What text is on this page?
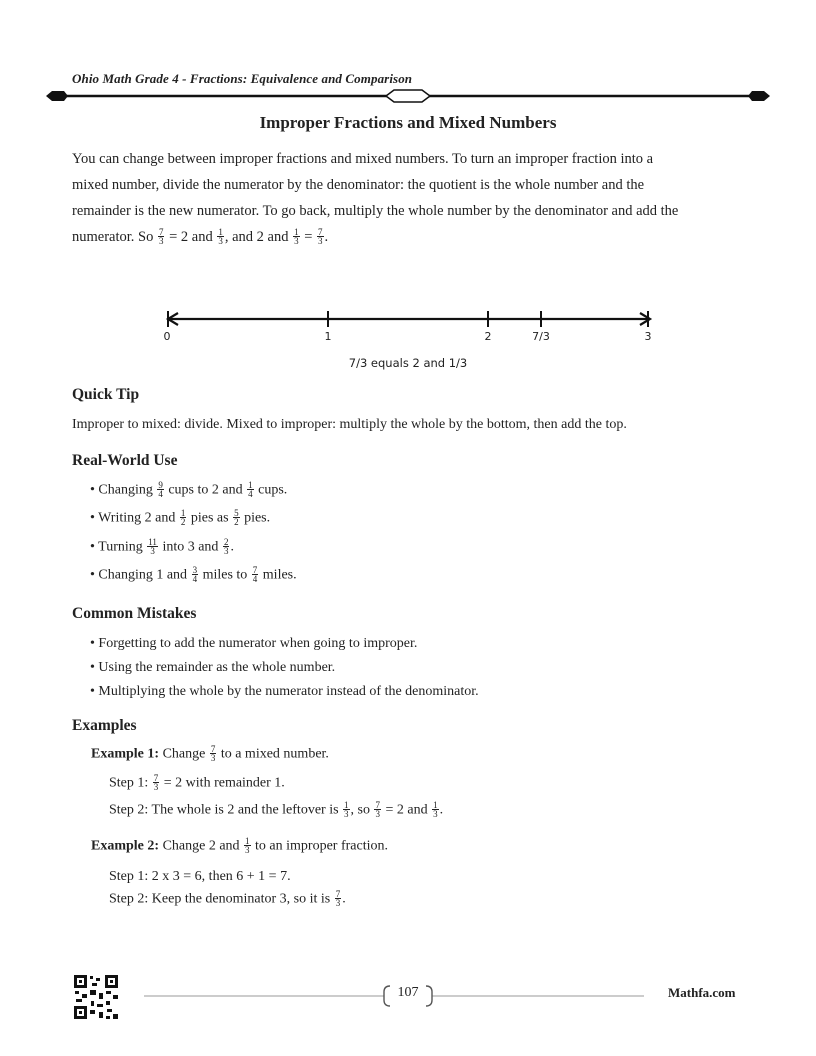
Ohio Math Grade 4 - Fractions: Equivalence and Comparison
Improper Fractions and Mixed Numbers
You can change between improper fractions and mixed numbers. To turn an improper fraction into a
mixed number, divide the numerator by the denominator: the quotient is the whole number and the
remainder is the new numerator. To go back, multiply the whole number by the denominator and add the
numerator. So $\frac{7}{3} = 2$ and $\frac{1}{3}$ , and 2 and $\frac{1}{3} = \frac{7}{3}$ .
0	1	2	7/3	3
7/3 equals 2 and 1/3
Quick Tip
Improper to mixed: divide. Mixed to improper: multiply the whole by the bottom, then add the top.
Real-World Use
• Changing $\frac{9}{4}$ cups to 2 and $\frac{1}{4}$ cups.
• Writing 2 and $\frac{1}{2}$ pies as $\frac{5}{2}$ pies.
• Turning $\frac{11}{3}$ into 3 and $\frac{2}{3}$ .
• Changing 1 and $\frac{3}{4}$ miles to $\frac{7}{4}$ miles.
Common Mistakes
• Forgetting to add the numerator when going to improper.
• Using the remainder as the whole number.
• Multiplying the whole by the numerator instead of the denominator.
Examples
Example 1: Change $\frac{7}{3}$ to a mixed number.
Step 1: $\frac{7}{3} = 2$ with remainder 1.
Step 2: The whole is 2 and the leftover is $\frac{1}{3}$ , so $\frac{7}{3} = 2$ and $\frac{1}{3}$ .
Example 2: Change 2 and $\frac{1}{3}$ to an improper fraction.
Step 1: 2 x 3 = 6, then 6 + 1 = 7.
Step 2: Keep the denominator 3, so it is $\frac{7}{3}$ .
107	Mathfa.com
